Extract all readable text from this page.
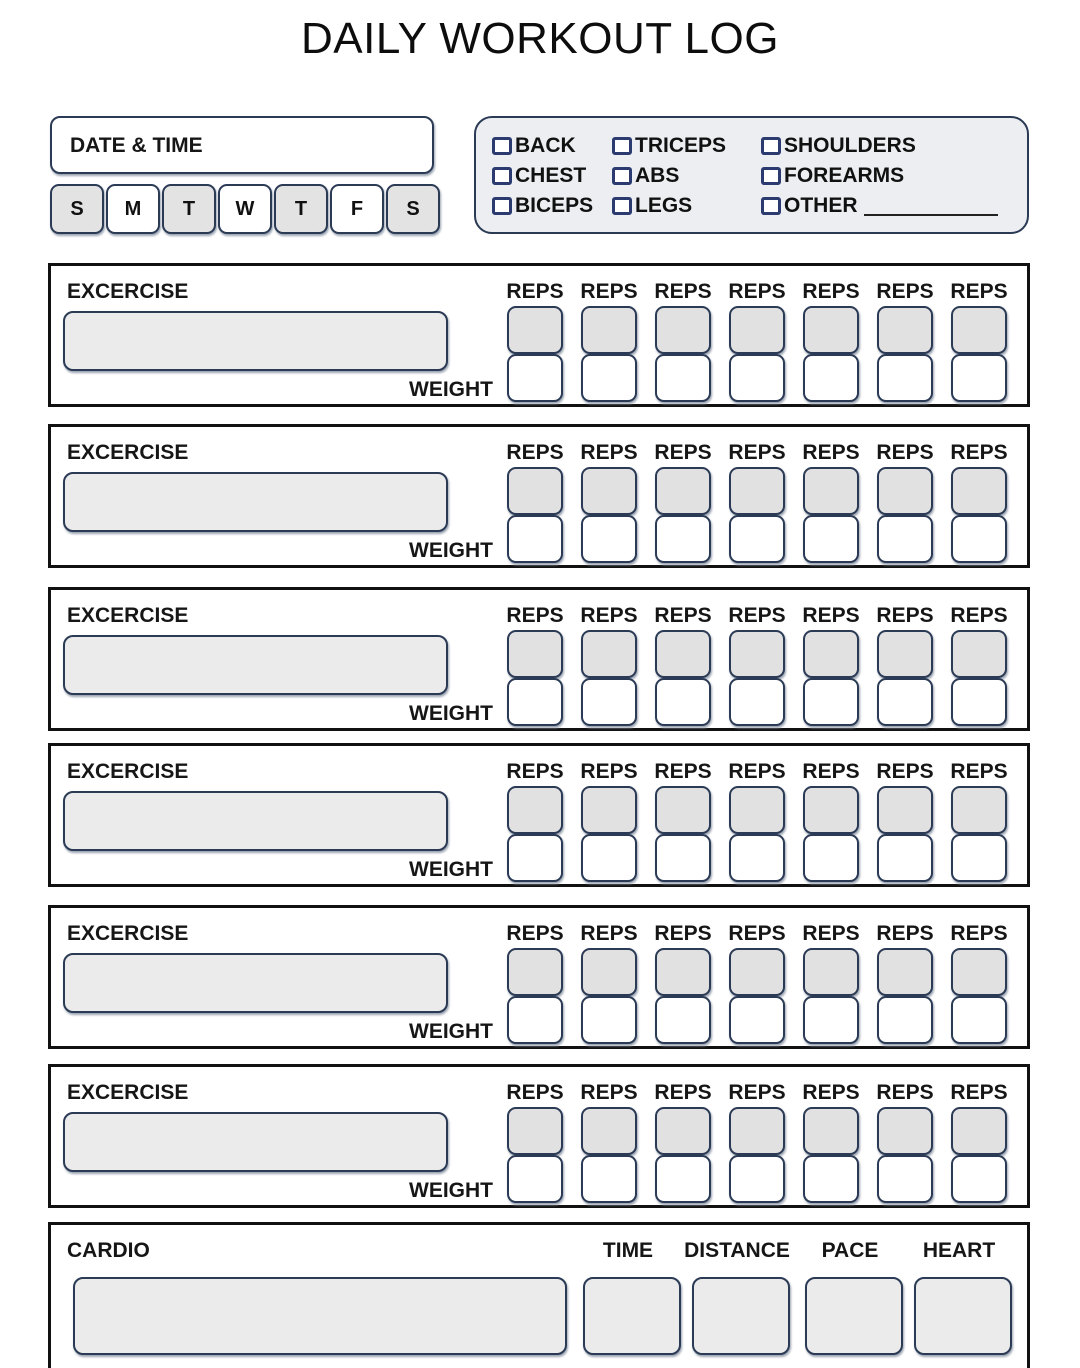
DAILY WORKOUT LOG
DATE & TIME
S	M	T	W	T	F	S
BACK
CHEST
BICEPS
TRICEPS
ABS
LEGS
SHOULDERS
FOREARMS
OTHER
EXCERCISE
WEIGHT
REPS REPS REPS REPS REPS REPS REPS
EXCERCISE
WEIGHT
REPS REPS REPS REPS REPS REPS REPS
EXCERCISE
WEIGHT
REPS REPS REPS REPS REPS REPS REPS
EXCERCISE
WEIGHT
REPS REPS REPS REPS REPS REPS REPS
EXCERCISE
WEIGHT
REPS REPS REPS REPS REPS REPS REPS
EXCERCISE
WEIGHT
REPS REPS REPS REPS REPS REPS REPS
CARDIO	TIME	DISTANCE	PACE	HEART
